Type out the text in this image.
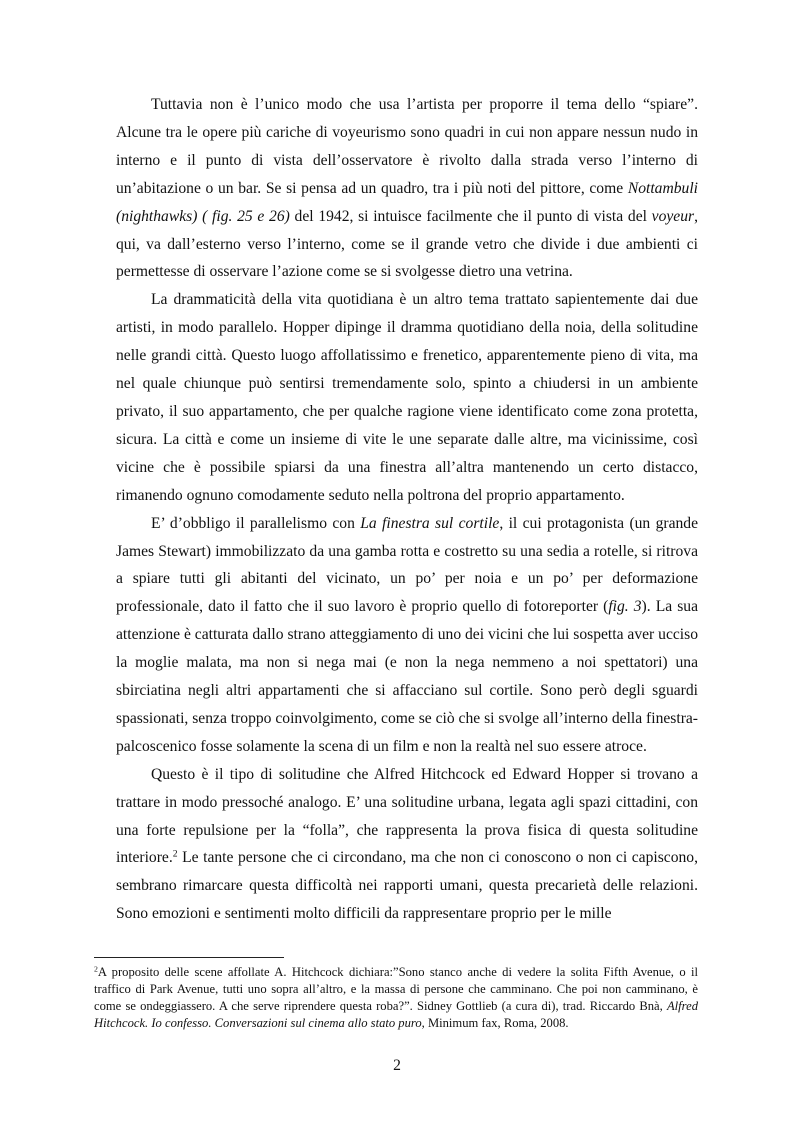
Tuttavia non è l’unico modo che usa l’artista per proporre il tema dello “spiare”. Alcune tra le opere più cariche di voyeurismo sono quadri in cui non appare nessun nudo in interno e il punto di vista dell’osservatore è rivolto dalla strada verso l’interno di un’abitazione o un bar. Se si pensa ad un quadro, tra i più noti del pittore, come Nottambuli (nighthawks) ( fig. 25 e 26) del 1942, si intuisce facilmente che il punto di vista del voyeur, qui, va dall’esterno verso l’interno, come se il grande vetro che divide i due ambienti ci permettesse di osservare l’azione come se si svolgesse dietro una vetrina.

La drammaticità della vita quotidiana è un altro tema trattato sapientemente dai due artisti, in modo parallelo. Hopper dipinge il dramma quotidiano della noia, della solitudine nelle grandi città. Questo luogo affollatissimo e frenetico, apparentemente pieno di vita, ma nel quale chiunque può sentirsi tremendamente solo, spinto a chiudersi in un ambiente privato, il suo appartamento, che per qualche ragione viene identificato come zona protetta, sicura. La città e come un insieme di vite le une separate dalle altre, ma vicinissime, così vicine che è possibile spiarsi da una finestra all’altra mantenendo un certo distacco, rimanendo ognuno comodamente seduto nella poltrona del proprio appartamento.

E’ d’obbligo il parallelismo con La finestra sul cortile, il cui protagonista (un grande James Stewart) immobilizzato da una gamba rotta e costretto su una sedia a rotelle, si ritrova a spiare tutti gli abitanti del vicinato, un po’ per noia e un po’ per deformazione professionale, dato il fatto che il suo lavoro è proprio quello di fotoreporter (fig. 3). La sua attenzione è catturata dallo strano atteggiamento di uno dei vicini che lui sospetta aver ucciso la moglie malata, ma non si nega mai (e non la nega nemmeno a noi spettatori) una sbirciatina negli altri appartamenti che si affacciano sul cortile. Sono però degli sguardi spassionati, senza troppo coinvolgimento, come se ciò che si svolge all’interno della finestra-palcoscenico fosse solamente la scena di un film e non la realtà nel suo essere atroce.

Questo è il tipo di solitudine che Alfred Hitchcock ed Edward Hopper si trovano a trattare in modo pressoché analogo. E’ una solitudine urbana, legata agli spazi cittadini, con una forte repulsione per la “folla”, che rappresenta la prova fisica di questa solitudine interiore.$^2$ Le tante persone che ci circondano, ma che non ci conoscono o non ci capiscono, sembrano rimarcare questa difficoltà nei rapporti umani, questa precarietà delle relazioni. Sono emozioni e sentimenti molto difficili da rappresentare proprio per le mille

$^2$A proposito delle scene affollate A. Hitchcock dichiara:”Sono stanco anche di vedere la solita Fifth Avenue, o il traffico di Park Avenue, tutti uno sopra all’altro, e la massa di persone che camminano. Che poi non camminano, è come se ondeggiassero. A che serve riprendere questa roba?”. Sidney Gottlieb (a cura di), trad. Riccardo Bnà, Alfred Hitchcock. Io confesso. Conversazioni sul cinema allo stato puro, Minimum fax, Roma, 2008.

2
